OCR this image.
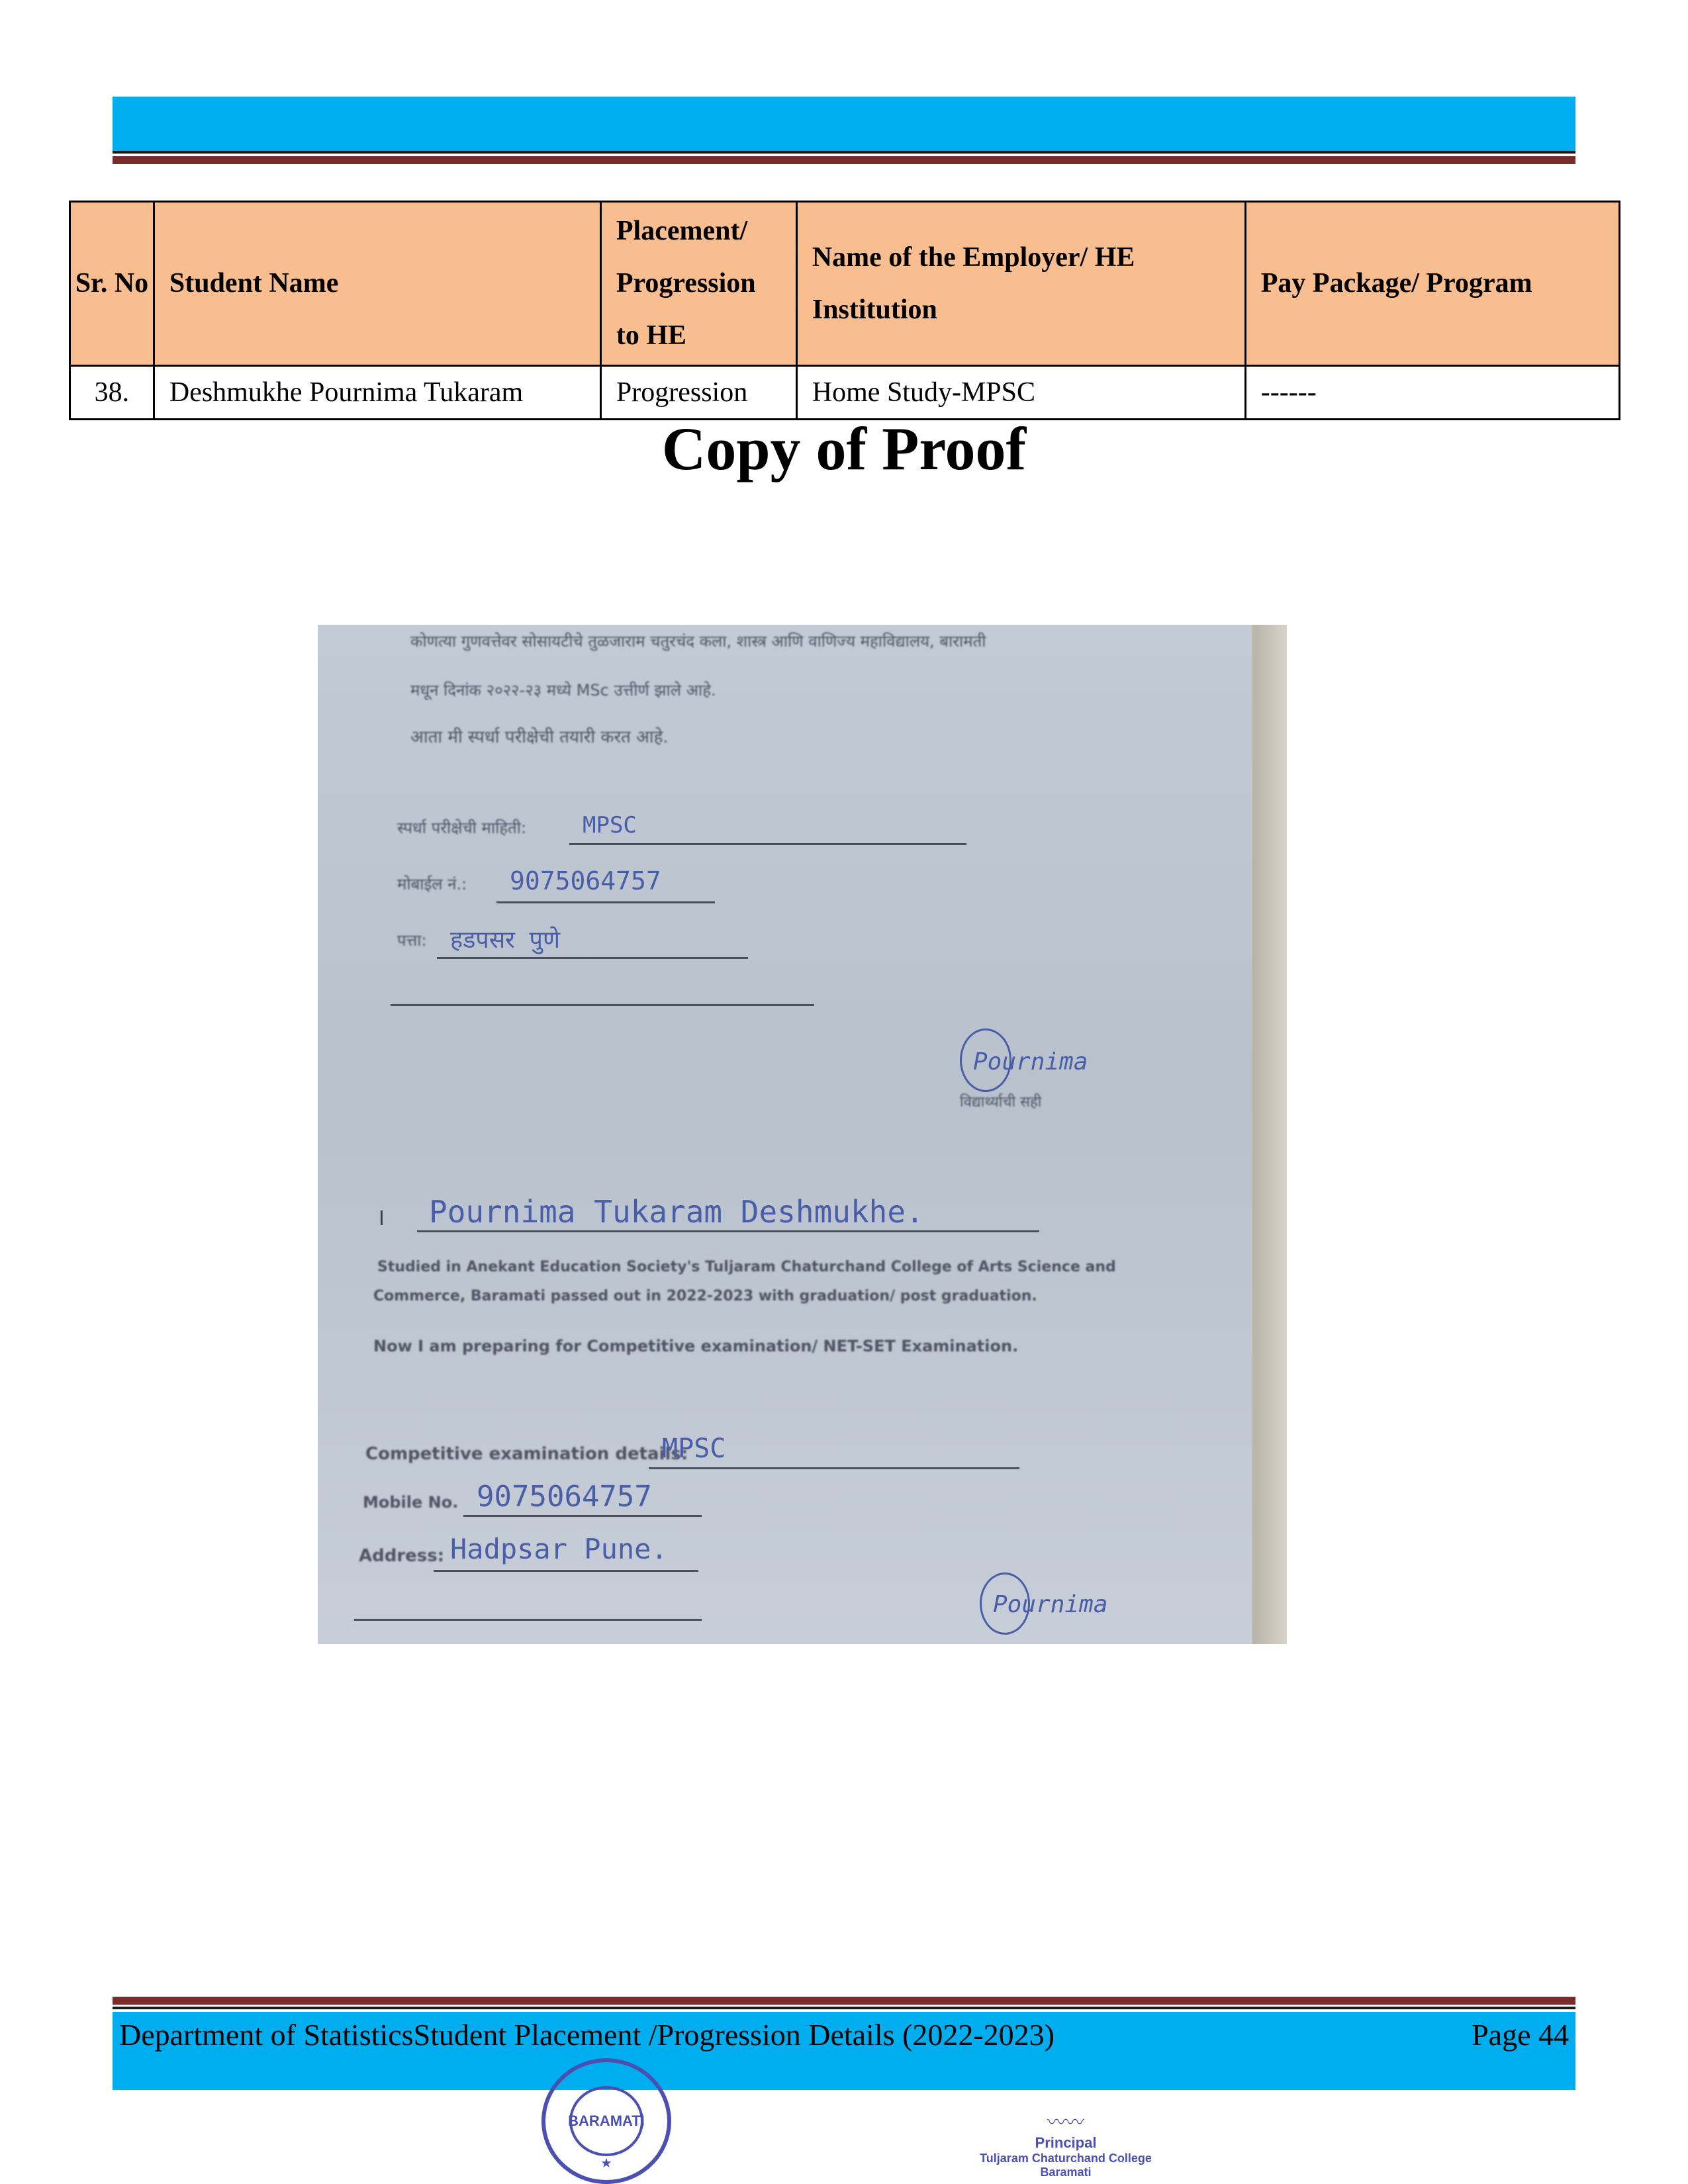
Sr. No	Student Name	Placement/ Progression to HE	Name of the Employer/ HE Institution	Pay Package/ Program
38.	Deshmukhe Pournima Tukaram	Progression	Home Study-MPSC	------
Copy of Proof
कोणत्या गुणवत्तेवर सोसायटीचे तुळजाराम चतुरचंद कला, शास्त्र आणि वाणिज्य महाविद्यालय, बारामती
मधून दिनांक २०२२-२३ मध्ये MSc उत्तीर्ण झाले आहे.
आता मी स्पर्धा परीक्षेची तयारी करत आहे.
स्पर्धा परीक्षेची माहिती: MPSC
मोबाईल नं.: 9075064757
पत्ता: हडपसर पुणे
Pournima
विद्यार्थ्याची सही
I Pournima Tukaram Deshmukhe.
Studied in Anekant Education Society's Tuljaram Chaturchand College of Arts Science and
Commerce, Baramati passed out in 2022-2023 with graduation/ post graduation.
Now I am preparing for Competitive examination/ NET-SET Examination.
Competitive examination details:
MPSC
Mobile No. 9075064757
Address: Hadpsar Pune.
Pournima
Department of StatisticsStudent Placement /Progression Details (2022-2023)	Page 44
BARAMATI
★
〰〰
Principal
Tuljaram Chaturchand College
Baramati
